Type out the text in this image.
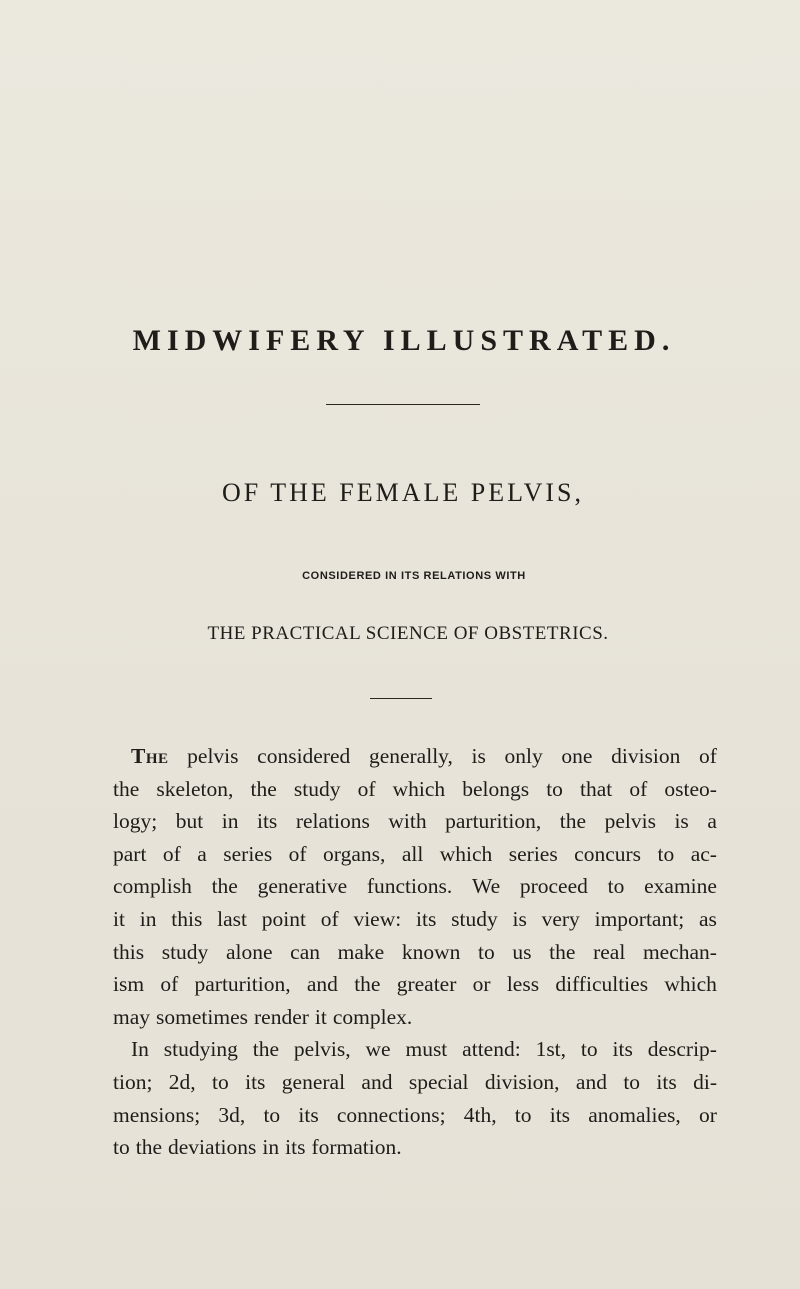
MIDWIFERY ILLUSTRATED.
OF THE FEMALE PELVIS,
CONSIDERED IN ITS RELATIONS WITH
THE PRACTICAL SCIENCE OF OBSTETRICS.
The pelvis considered generally, is only one division of
the skeleton, the study of which belongs to that of osteo-
logy; but in its relations with parturition, the pelvis is a
part of a series of organs, all which series concurs to ac-
complish the generative functions. We proceed to examine
it in this last point of view: its study is very important; as
this study alone can make known to us the real mechan-
ism of parturition, and the greater or less difficulties which
may sometimes render it complex.
In studying the pelvis, we must attend: 1st, to its descrip-
tion; 2d, to its general and special division, and to its di-
mensions; 3d, to its connections; 4th, to its anomalies, or
to the deviations in its formation.
